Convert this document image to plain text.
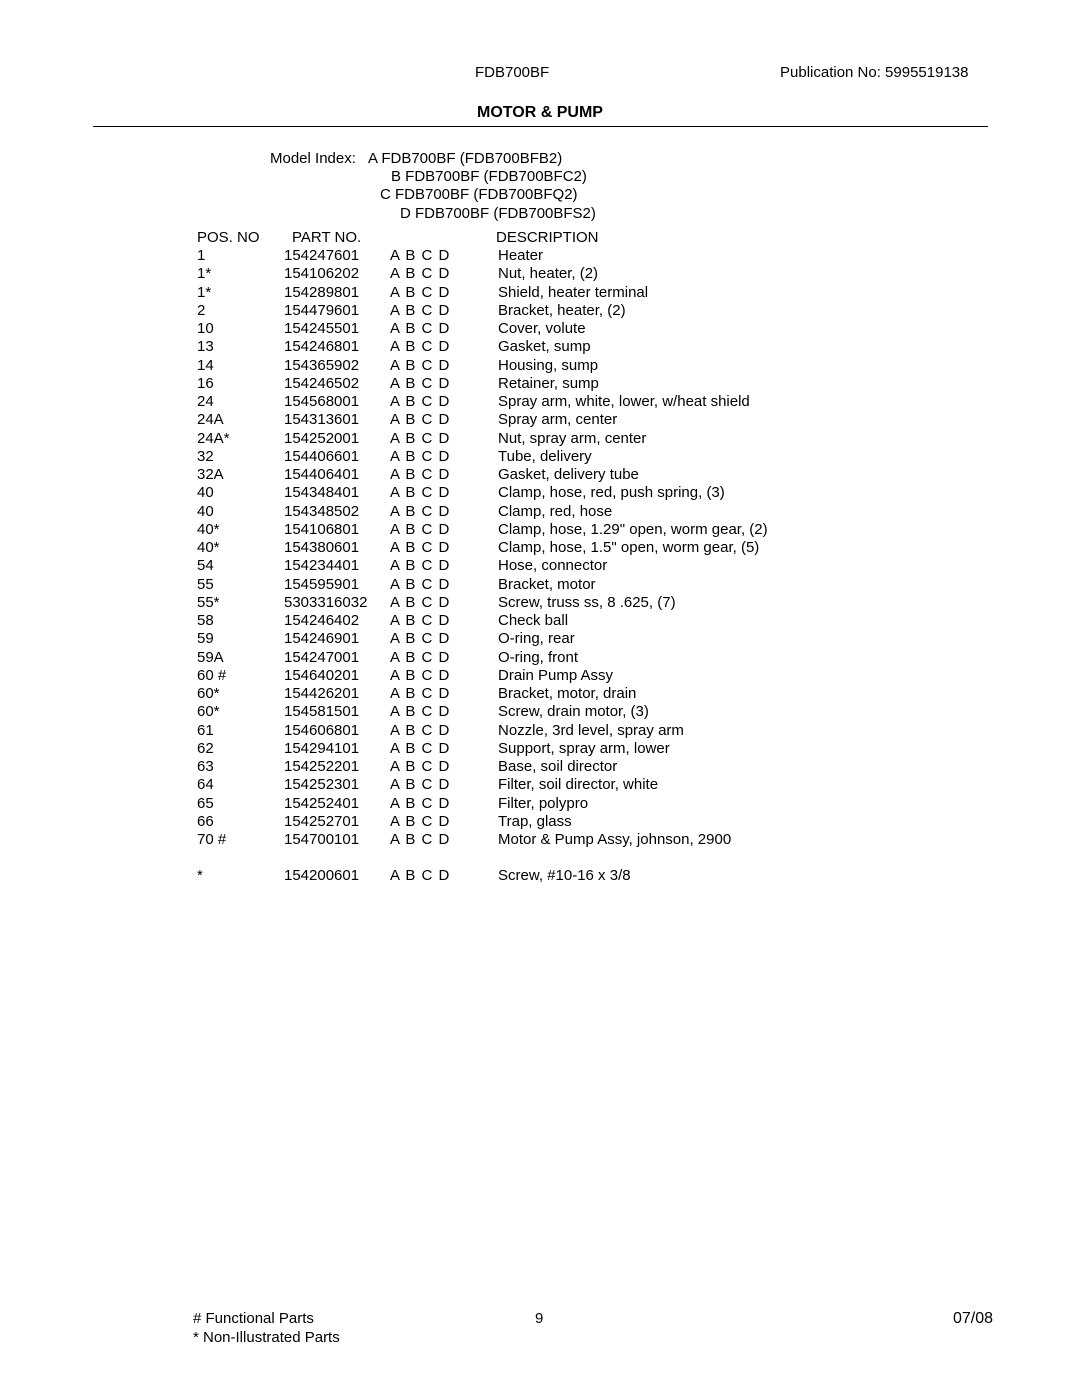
FDB700BF	Publication No: 5995519138
MOTOR & PUMP
Model Index: A FDB700BF (FDB700BFB2)
B FDB700BF (FDB700BFC2)
C FDB700BF (FDB700BFQ2)
D FDB700BF (FDB700BFS2)
POS. NO PART NO.	DESCRIPTION
1	154247601 A B C D	Heater
1*	154106202 A B C D	Nut, heater, (2)
1*	154289801 A B C D	Shield, heater terminal
2	154479601 A B C D	Bracket, heater, (2)
10	154245501 A B C D	Cover, volute
13	154246801 A B C D	Gasket, sump
14	154365902 A B C D	Housing, sump
16	154246502 A B C D	Retainer, sump
24	154568001 A B C D	Spray arm, white, lower, w/heat shield
24A	154313601 A B C D	Spray arm, center
24A*	154252001 A B C D	Nut, spray arm, center
32	154406601 A B C D	Tube, delivery
32A	154406401 A B C D	Gasket, delivery tube
40	154348401 A B C D	Clamp, hose, red, push spring, (3)
40	154348502 A B C D	Clamp, red, hose
40*	154106801 A B C D	Clamp, hose, 1.29" open, worm gear, (2)
40*	154380601 A B C D	Clamp, hose, 1.5" open, worm gear, (5)
54	154234401 A B C D	Hose, connector
55	154595901 A B C D	Bracket, motor
55*	5303316032 A B C D	Screw, truss ss, 8 .625, (7)
58	154246402 A B C D	Check ball
59	154246901 A B C D	O-ring, rear
59A	154247001 A B C D	O-ring, front
60 #	154640201 A B C D	Drain Pump Assy
60*	154426201 A B C D	Bracket, motor, drain
60*	154581501 A B C D	Screw, drain motor, (3)
61	154606801 A B C D	Nozzle, 3rd level, spray arm
62	154294101 A B C D	Support, spray arm, lower
63	154252201 A B C D	Base, soil director
64	154252301 A B C D	Filter, soil director, white
65	154252401 A B C D	Filter, polypro
66	154252701 A B C D	Trap, glass
70 #	154700101 A B C D	Motor & Pump Assy, johnson, 2900
*	154200601 A B C D	Screw, #10-16 x 3/8
# Functional Parts
* Non-Illustrated Parts
9	07/08
